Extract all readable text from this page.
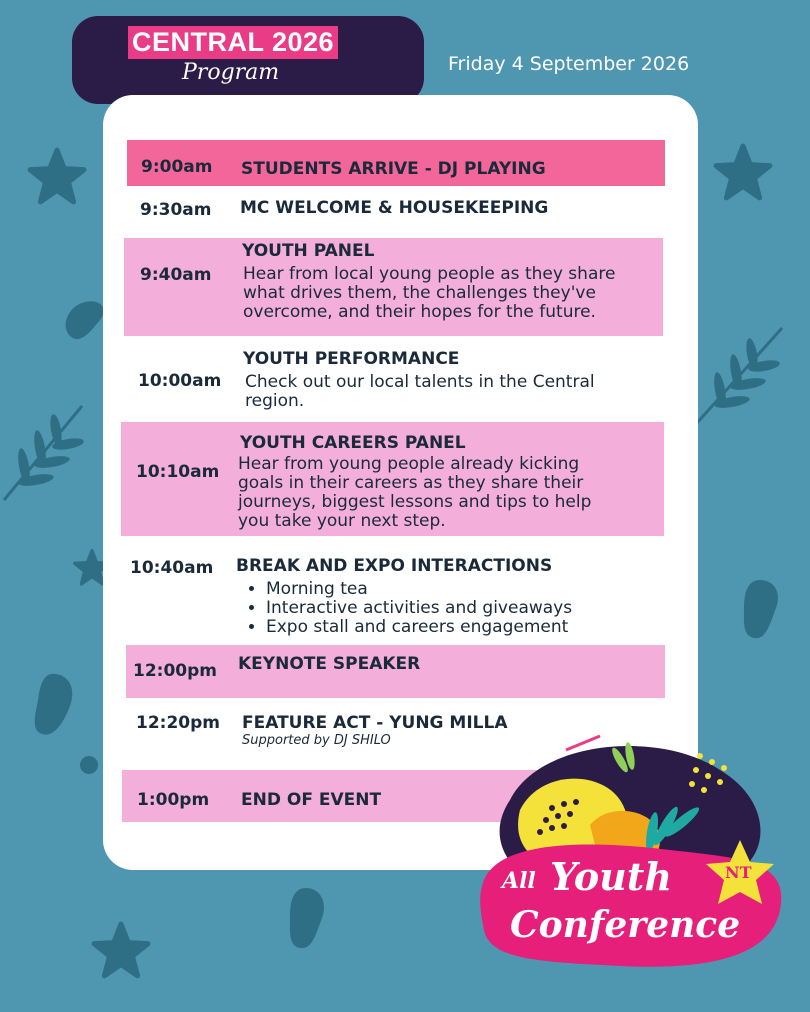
CENTRAL 2026
Program	Friday 4 September 2026
9:00am STUDENTS ARRIVE - DJ PLAYING
9:30am MC WELCOME & HOUSEKEEPING
9:40am
YOUTH PANEL
Hear from local young people as they share
what drives them, the challenges they've
overcome, and their hopes for the future.
10:00am
YOUTH PERFORMANCE
Check out our local talents in the Central
region.
10:10am
YOUTH CAREERS PANEL
Hear from young people already kicking
goals in their careers as they share their
journeys, biggest lessons and tips to help
you take your next step.
10:40am BREAK AND EXPO INTERACTIONS
• Morning tea
• Interactive activities and giveaways
• Expo stall and careers engagement
12:00pm KEYNOTE SPEAKER
12:20pm FEATURE ACT - YUNG MILLA
Supported by DJ SHILO
1:00pm END OF EVENT
All Youth
Conference
NT
